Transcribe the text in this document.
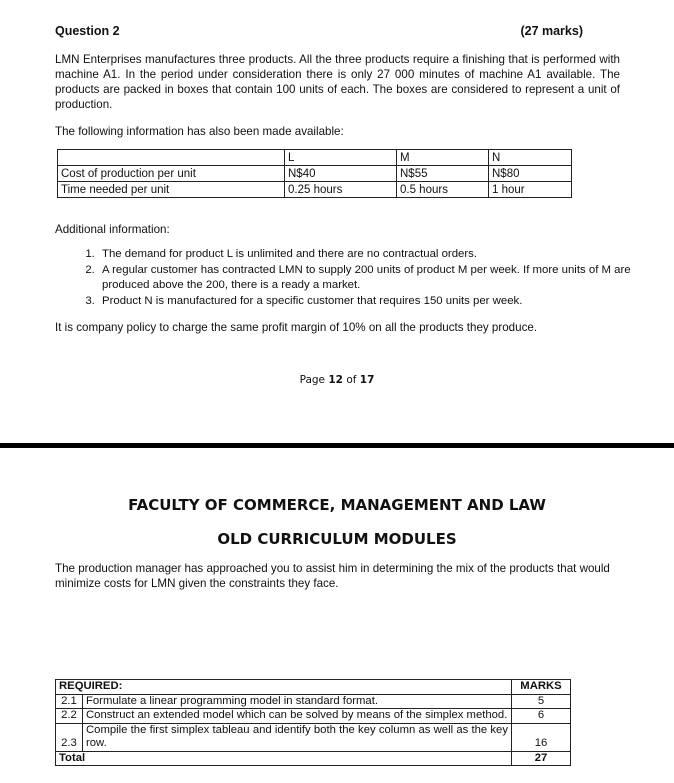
Question 2	(27 marks)
LMN Enterprises manufactures three products. All the three products require a finishing that is performed with machine A1. In the period under consideration there is only 27 000 minutes of machine A1 available. The products are packed in boxes that contain 100 units of each. The boxes are considered to represent a unit of production.
The following information has also been made available:
	L	M	N
Cost of production per unit	N$40	N$55	N$80
Time needed per unit	0.25 hours	0.5 hours	1 hour
Additional information:
1. The demand for product L is unlimited and there are no contractual orders.
2. A regular customer has contracted LMN to supply 200 units of product M per week. If more units of M are produced above the 200, there is a ready a market.
3. Product N is manufactured for a specific customer that requires 150 units per week.
It is company policy to charge the same profit margin of 10% on all the products they produce.
Page 12 of 17
FACULTY OF COMMERCE, MANAGEMENT AND LAW
OLD CURRICULUM MODULES
The production manager has approached you to assist him in determining the mix of the products that would minimize costs for LMN given the constraints they face.
REQUIRED:		MARKS
2.1	Formulate a linear programming model in standard format.	5
2.2	Construct an extended model which can be solved by means of the simplex method.	6
2.3	Compile the first simplex tableau and identify both the key column as well as the key row.	16
Total		27
